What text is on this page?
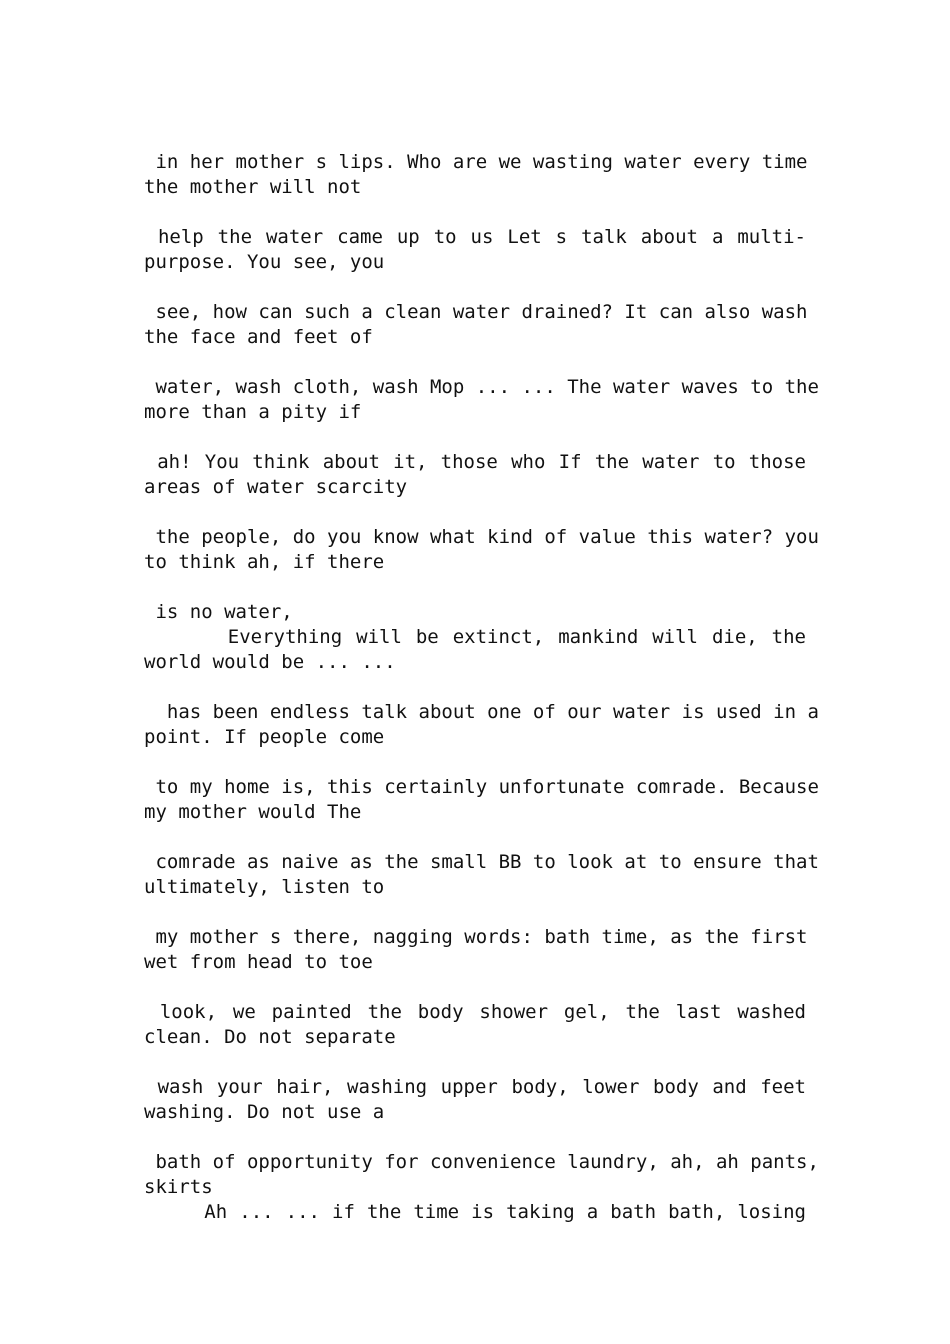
in her mother s lips. Who are we wasting water every time
the mother will not
help the water came up to us Let s talk about a multi-
purpose. You see, you
see, how can such a clean water drained? It can also wash
the face and feet of
water, wash cloth, wash Mop ... ... The water waves to the
more than a pity if
ah! You think about it, those who If the water to those
areas of water scarcity
the people, do you know what kind of value this water? you
to think ah, if there
is no water,
Everything will be extinct, mankind will die, the
world would be ... ...
has been endless talk about one of our water is used in a
point. If people come
to my home is, this certainly unfortunate comrade. Because
my mother would The
comrade as naive as the small BB to look at to ensure that
ultimately, listen to
my mother s there, nagging words: bath time, as the first
wet from head to toe
look, we painted the body shower gel, the last washed
clean. Do not separate
wash your hair, washing upper body, lower body and feet
washing. Do not use a
bath of opportunity for convenience laundry, ah, ah pants,
skirts
Ah ... ... if the time is taking a bath bath, losing
